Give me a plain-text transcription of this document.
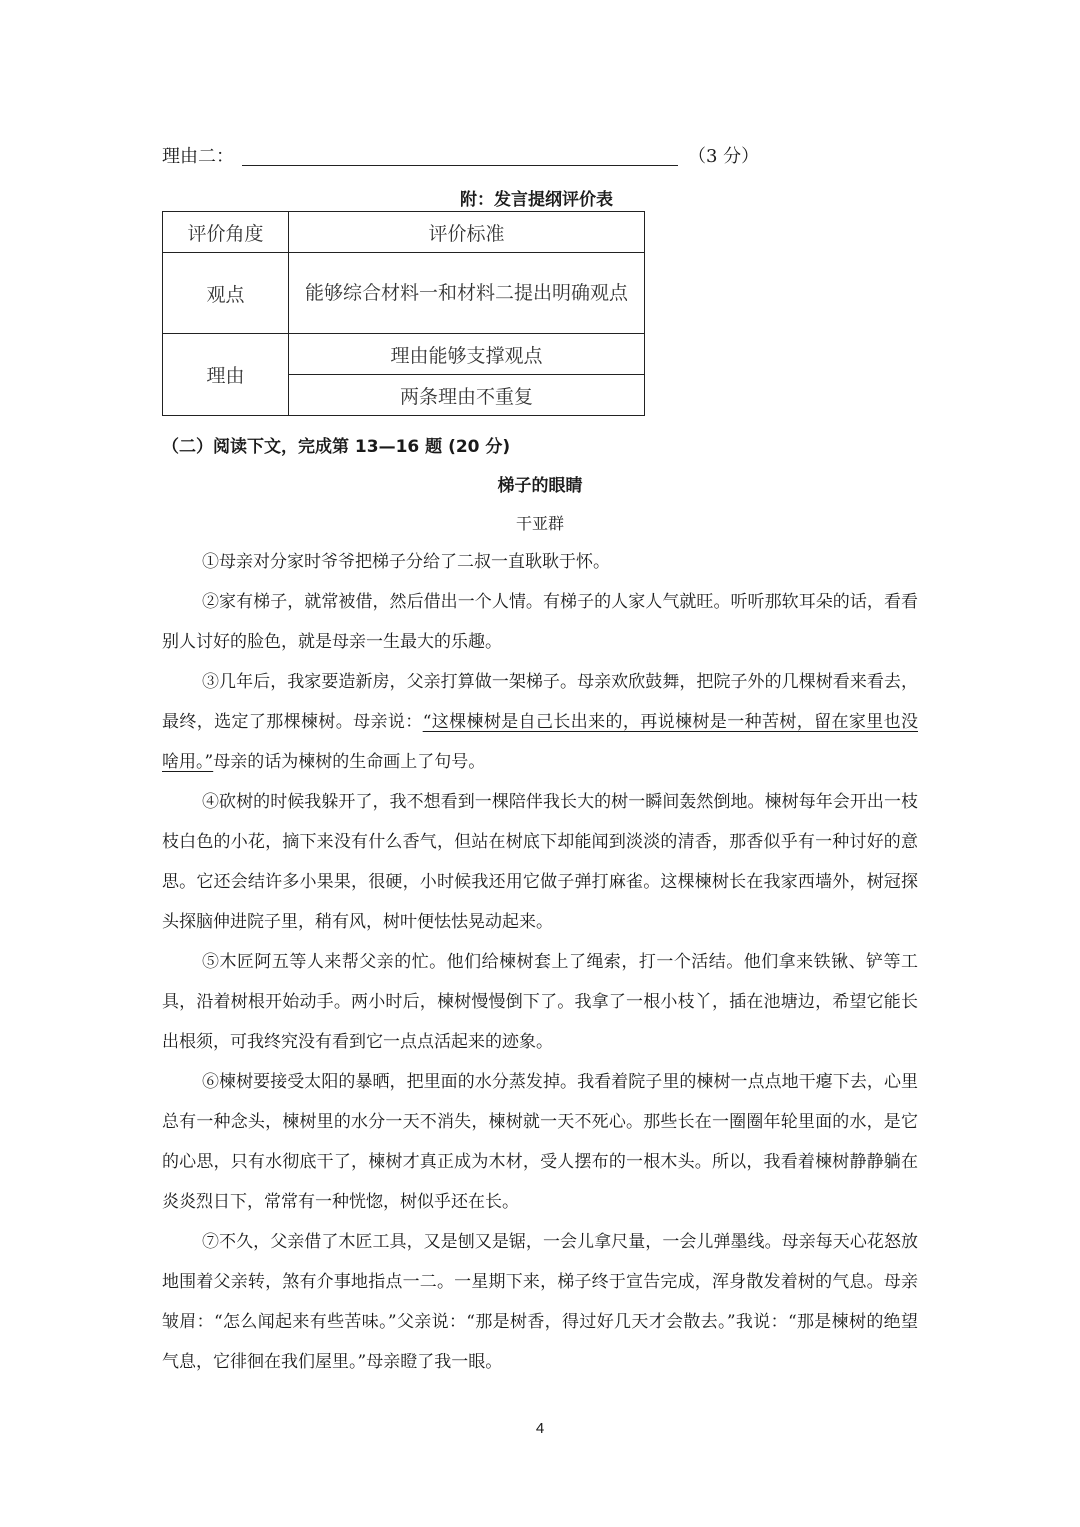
理由二：	（3 分）
附：发言提纲评价表
评价角度	评价标准
观点	能够综合材料一和材料二提出明确观点
理由	理由能够支撑观点
	两条理由不重复
（二）阅读下文，完成第 13—16 题 (20 分)
梯子的眼睛
干亚群
①母亲对分家时爷爷把梯子分给了二叔一直耿耿于怀。
②家有梯子，就常被借，然后借出一个人情。有梯子的人家人气就旺。听听那软耳朵的话，看看别人讨好的脸色，就是母亲一生最大的乐趣。
③几年后，我家要造新房，父亲打算做一架梯子。母亲欢欣鼓舞，把院子外的几棵树看来看去，最终，选定了那棵楝树。母亲说：“这棵楝树是自己长出来的，再说楝树是一种苦树，留在家里也没啥用。”母亲的话为楝树的生命画上了句号。
④砍树的时候我躲开了，我不想看到一棵陪伴我长大的树一瞬间轰然倒地。楝树每年会开出一枝枝白色的小花，摘下来没有什么香气，但站在树底下却能闻到淡淡的清香，那香似乎有一种讨好的意思。它还会结许多小果果，很硬，小时候我还用它做子弹打麻雀。这棵楝树长在我家西墙外，树冠探头探脑伸进院子里，稍有风，树叶便怯怯晃动起来。
⑤木匠阿五等人来帮父亲的忙。他们给楝树套上了绳索，打一个活结。他们拿来铁锹、铲等工具，沿着树根开始动手。两小时后，楝树慢慢倒下了。我拿了一根小枝丫，插在池塘边，希望它能长出根须，可我终究没有看到它一点点活起来的迹象。
⑥楝树要接受太阳的暴晒，把里面的水分蒸发掉。我看着院子里的楝树一点点地干瘪下去，心里总有一种念头，楝树里的水分一天不消失，楝树就一天不死心。那些长在一圈圈年轮里面的水，是它的心思，只有水彻底干了，楝树才真正成为木材，受人摆布的一根木头。所以，我看着楝树静静躺在炎炎烈日下，常常有一种恍惚，树似乎还在长。
⑦不久，父亲借了木匠工具，又是刨又是锯，一会儿拿尺量，一会儿弹墨线。母亲每天心花怒放地围着父亲转，煞有介事地指点一二。一星期下来，梯子终于宣告完成，浑身散发着树的气息。母亲皱眉：“怎么闻起来有些苦味。”父亲说：“那是树香，得过好几天才会散去。”我说：“那是楝树的绝望气息，它徘徊在我们屋里。”母亲瞪了我一眼。
4
